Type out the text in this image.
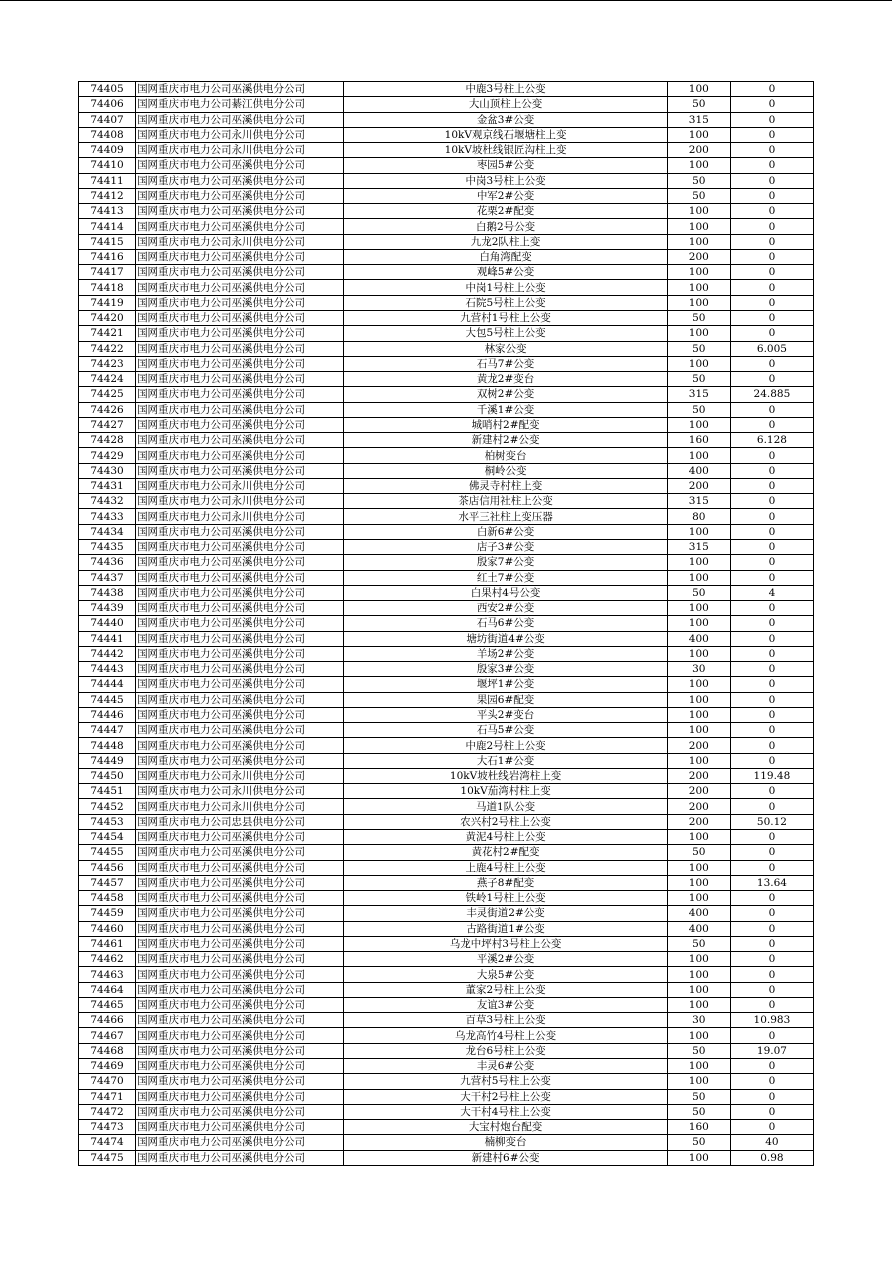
74405	国网重庆市电力公司巫溪供电分公司	中鹿3号柱上公变	100	0
74406	国网重庆市电力公司綦江供电分公司	大山顶柱上公变	50	0
74407	国网重庆市电力公司巫溪供电分公司	金盆3#公变	315	0
74408	国网重庆市电力公司永川供电分公司	10kV观京线石堰塘柱上变	100	0
74409	国网重庆市电力公司永川供电分公司	10kV坡杜线银匠沟柱上变	200	0
74410	国网重庆市电力公司巫溪供电分公司	枣园5#公变	100	0
74411	国网重庆市电力公司巫溪供电分公司	中岗3号柱上公变	50	0
74412	国网重庆市电力公司巫溪供电分公司	中军2#公变	50	0
74413	国网重庆市电力公司巫溪供电分公司	花栗2#配变	100	0
74414	国网重庆市电力公司巫溪供电分公司	白鹅2号公变	100	0
74415	国网重庆市电力公司永川供电分公司	九龙2队柱上变	100	0
74416	国网重庆市电力公司巫溪供电分公司	白角湾配变	200	0
74417	国网重庆市电力公司巫溪供电分公司	观峰5#公变	100	0
74418	国网重庆市电力公司巫溪供电分公司	中岗1号柱上公变	100	0
74419	国网重庆市电力公司巫溪供电分公司	石院5号柱上公变	100	0
74420	国网重庆市电力公司巫溪供电分公司	九营村1号柱上公变	50	0
74421	国网重庆市电力公司巫溪供电分公司	大包5号柱上公变	100	0
74422	国网重庆市电力公司巫溪供电分公司	林家公变	50	6.005
74423	国网重庆市电力公司巫溪供电分公司	石马7#公变	100	0
74424	国网重庆市电力公司巫溪供电分公司	黄龙2#变台	50	0
74425	国网重庆市电力公司巫溪供电分公司	双树2#公变	315	24.885
74426	国网重庆市电力公司巫溪供电分公司	千溪1#公变	50	0
74427	国网重庆市电力公司巫溪供电分公司	城哨村2#配变	100	0
74428	国网重庆市电力公司巫溪供电分公司	新建村2#公变	160	6.128
74429	国网重庆市电力公司巫溪供电分公司	柏树变台	100	0
74430	国网重庆市电力公司巫溪供电分公司	桐岭公变	400	0
74431	国网重庆市电力公司永川供电分公司	佛灵寺村柱上变	200	0
74432	国网重庆市电力公司永川供电分公司	茶店信用社柱上公变	315	0
74433	国网重庆市电力公司永川供电分公司	水平三社柱上变压器	80	0
74434	国网重庆市电力公司巫溪供电分公司	白新6#公变	100	0
74435	国网重庆市电力公司巫溪供电分公司	店子3#公变	315	0
74436	国网重庆市电力公司巫溪供电分公司	殷家7#公变	100	0
74437	国网重庆市电力公司巫溪供电分公司	红土7#公变	100	0
74438	国网重庆市电力公司巫溪供电分公司	白果村4号公变	50	4
74439	国网重庆市电力公司巫溪供电分公司	西安2#公变	100	0
74440	国网重庆市电力公司巫溪供电分公司	石马6#公变	100	0
74441	国网重庆市电力公司巫溪供电分公司	塘坊街道4#公变	400	0
74442	国网重庆市电力公司巫溪供电分公司	羊场2#公变	100	0
74443	国网重庆市电力公司巫溪供电分公司	殷家3#公变	30	0
74444	国网重庆市电力公司巫溪供电分公司	堰坪1#公变	100	0
74445	国网重庆市电力公司巫溪供电分公司	果园6#配变	100	0
74446	国网重庆市电力公司巫溪供电分公司	平头2#变台	100	0
74447	国网重庆市电力公司巫溪供电分公司	石马5#公变	100	0
74448	国网重庆市电力公司巫溪供电分公司	中鹿2号柱上公变	200	0
74449	国网重庆市电力公司巫溪供电分公司	大石1#公变	100	0
74450	国网重庆市电力公司永川供电分公司	10kV坡杜线岩湾柱上变	200	119.48
74451	国网重庆市电力公司永川供电分公司	10kV茄湾村柱上变	200	0
74452	国网重庆市电力公司永川供电分公司	马道1队公变	200	0
74453	国网重庆市电力公司忠县供电分公司	农兴村2号柱上公变	200	50.12
74454	国网重庆市电力公司巫溪供电分公司	黄泥4号柱上公变	100	0
74455	国网重庆市电力公司巫溪供电分公司	黄花村2#配变	50	0
74456	国网重庆市电力公司巫溪供电分公司	上鹿4号柱上公变	100	0
74457	国网重庆市电力公司巫溪供电分公司	燕子8#配变	100	13.64
74458	国网重庆市电力公司巫溪供电分公司	铁岭1号柱上公变	100	0
74459	国网重庆市电力公司巫溪供电分公司	丰灵街道2#公变	400	0
74460	国网重庆市电力公司巫溪供电分公司	古路街道1#公变	400	0
74461	国网重庆市电力公司巫溪供电分公司	乌龙中坪村3号柱上公变	50	0
74462	国网重庆市电力公司巫溪供电分公司	平溪2#公变	100	0
74463	国网重庆市电力公司巫溪供电分公司	大泉5#公变	100	0
74464	国网重庆市电力公司巫溪供电分公司	董家2号柱上公变	100	0
74465	国网重庆市电力公司巫溪供电分公司	友谊3#公变	100	0
74466	国网重庆市电力公司巫溪供电分公司	百草3号柱上公变	30	10.983
74467	国网重庆市电力公司巫溪供电分公司	乌龙高竹4号柱上公变	100	0
74468	国网重庆市电力公司巫溪供电分公司	龙台6号柱上公变	50	19.07
74469	国网重庆市电力公司巫溪供电分公司	丰灵6#公变	100	0
74470	国网重庆市电力公司巫溪供电分公司	九营村5号柱上公变	100	0
74471	国网重庆市电力公司巫溪供电分公司	大干村2号柱上公变	50	0
74472	国网重庆市电力公司巫溪供电分公司	大干村4号柱上公变	50	0
74473	国网重庆市电力公司巫溪供电分公司	大宝村炮台配变	160	0
74474	国网重庆市电力公司巫溪供电分公司	楠柳变台	50	40
74475	国网重庆市电力公司巫溪供电分公司	新建村6#公变	100	0.98
